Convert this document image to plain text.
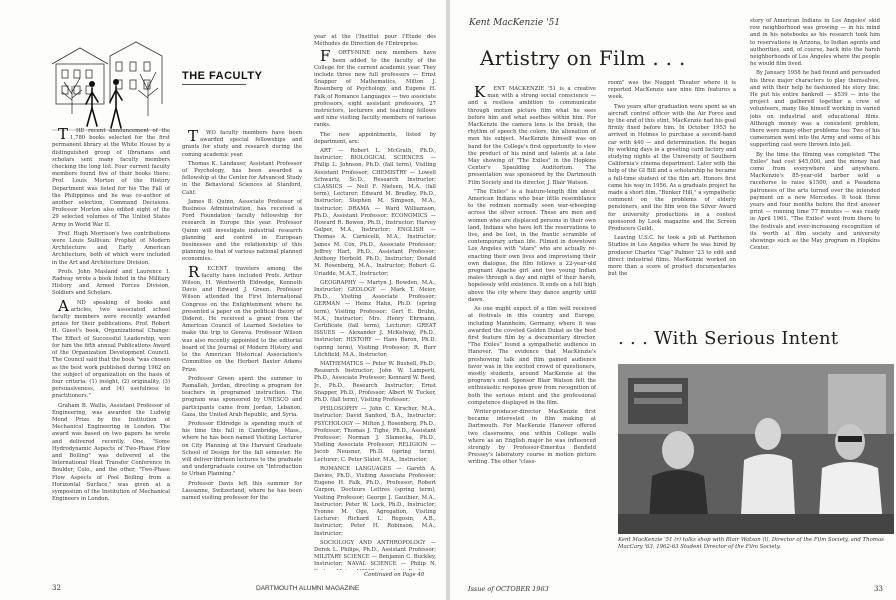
THE FACULTY

T HE recent announcement of the 1,780 books selected for the first permanent library at the White House by a distinguished group of librarians and scholars sent many faculty members checking the long list. Four current faculty members found five of their books there: Prof. Louis Morton of the History Department was listed for his The Fall of the Philippines and he was co-author of another selection, Command Decisions. Professor Morton also edited eight of the 29 selected volumes of The United States Army in World War II.

Prof. Hugh Morrison's two contributions were Louis Sullivan: Prophet of Modern Architecture and Early American Architecture, both of which were included in the Art and Architecture Division.

Profs. John Masland and Laurence I. Radway wrote a book listed in the Military History and Armed Forces Division, Soldiers and Scholars.

A ND speaking of books and articles, two associated school faculty members were recently awarded prizes for their publications. Prof. Robert H. Guest's book, Organizational Change: The Effect of Successful Leadership, won for him the fifth annual Publications Award of the Organization Development Council. The Council said that the book "was chosen as the best work published during 1962 on the subject of organization on the basis of four criteria: (1) insight, (2) originality, (3) persuasiveness, and (4) usefulness to practitioners."

Graham B. Wallis, Assistant Professor of Engineering, was awarded the Ludwig Mond Prize by the Institution of Mechanical Engineering in London. The award was based on two papers he wrote and delivered recently. One, "Some Hydrodynamic Aspects of Two-Phase Flow and Boiling" was delivered at the International Heat Transfer Conference in Boulder, Colo., and the other, "Two-Phase Flow Aspects of Pool Boiling from a Horizontal Surface," was given at a symposium of the Institution of Mechanical Engineers in London.

T WO faculty members have been awarded special fellowships and grants for study and research during the coming academic year.

Thomas K. Landauer, Assistant Professor of Psychology, has been awarded a fellowship at the Center for Advanced Study in the Behavioral Sciences at Stanford, Calif.

James B. Quinn, Associate Professor of Business Administration, has received a Ford Foundation faculty fellowship for research in Europe this year. Professor Quinn will investigate industrial research planning and control in European businesses and the relationship of this planning to that of various national planned economies.

R ECENT travelers among the faculty have included Profs. Arthur Wilson, H. Wentworth Eldredge, Kenneth Davis and Edward J. Green. Professor Wilson attended the First International Congress on the Enlightenment where he presented a paper on the political theory of Diderot. He received a grant from the American Council of Learned Societies to make the trip to Geneva. Professor Wilson was also recently appointed to the editorial board of the Journal of Modern History and to the American Historical Association's Committee on the Herbert Baxter Adams Prize.

Professor Green spent the summer in Ramallah, Jordan, directing a program for teachers in programed instruction. The program was sponsored by UNESCO and participants came from Jordan, Lebanon, Gaza, the United Arab Republic, and Syria.

Professor Eldredge is spending much of his time this fall in Cambridge, Mass., where he has been named Visiting Lecturer on City Planning at the Harvard Graduate School of Design for the fall semester. He will deliver thirteen lectures to the graduate and undergraduate course on "Introduction to Urban Planning."

Professor Davis left this summer for Lausanne, Switzerland, where he has been named visiting professor for the

year at the l'Institut pour l'Etude des Méthodes de Direction de l'Entreprise.

F ORTY-NINE new members have been added to the faculty of the College for the current academic year. They include three new full professors — Ernst Snapper of Mathematics, Milton J. Rosenberg of Psychology, and Eugene H. Falk of Romance Languages — two associate professors, eight assistant professors, 27 instructors, lecturers and teaching fellows and nine visiting faculty members of various ranks.

The new appointments, listed by department, are:

ART — Robert L. McGrath, Ph.D., Instructor; BIOLOGICAL SCIENCES — Philip L. Johnson, Ph.D. (fall term), Visiting Assistant Professor; CHEMISTRY — Lowell Schwartz, Sc.D., Research Instructor; CLASSICS — Neil F. Nielsen, M.A. (fall term), Lecturer; Edward M. Bradley, Ph.D., Instructor; Stephen M. Simpson, M.A., Instructor; DRAMA — Ward Williamson, Ph.D., Assistant Professor; ECONOMICS — Howard R. Bowen, Ph.D., Instructor; Harvey Galper, M.A., Instructor; ENGLISH — Thomas A. Carnicelli, M.A., Instructor; James M. Cox, Ph.D., Associate Professor; Jeffrey Hart, Ph.D., Assistant Professor; Anthony Herbold, Ph.D., Instructor; Donald M. Rosenberg, M.A., Instructor; Robert G. Uriadde, M.A.T., Instructor;

GEOGRAPHY — Martyn J. Bowden, M.A., Instructor; GEOLOGY — Mark T. Meier, Ph.D., Visiting Associate Professor; GERMAN — Heinz Hahn, Ph.D. (spring term), Visiting Professor; Gert E. Bruhn, M.A., Instructor; Mrs. Henry Ehrmann, Certificate (fall term), Lecturer; GREAT ISSUES — Alexander J. McKelway, Ph.D., Instructor; HISTORY — Hans Baron, Ph.D. (spring term), Visiting Professor; R. Burr Litchfield, M.A., Instructor;

MATHEMATICS — Peter W. Bushell, Ph.D., Research Instructor; John W. Lamperti, Ph.D., Associate Professor; Kennard W. Reed, Jr., Ph.D., Research Instructor; Ernst Snapper, Ph.D., Professor; Albert W. Tucker, Ph.D. (fall term), Visiting Professor;

PHILOSOPHY — John C. Kirscher, M.A., Instructor; David Sanford, B.A., Instructor; PSYCHOLOGY — Milton J. Rosenberg, Ph.D., Professor; Thomas J. Tighe, Ph.D., Assistant Professor; Norman J. Slamecka, Ph.D., Visiting Associate Professor; RELIGION — Jacob Neusner, Ph.D. (spring term), Lecturer; C. Peter Slater, M.A., Instructor;

ROMANCE LANGUAGES — Gareth A. Davies, Ph.D., Visiting Associate Professor; Eugene H. Falk, Ph.D., Professor; Robert Gurpon, Docteurs Lettres (spring term), Visiting Professor; George J. Gauthier, M.A., Instructor; Peter W. Lock, Ph.D., Instructor; Yvonne M. Oge, Agregation, Visiting Lecturer; Richard L. Regosin, A.B., Instructor; Peter H. Robinson, M.A., Instructor;

SOCIOLOGY AND ANTHROPOLOGY — Derek L. Philips, Ph.D., Assistant Professor; MILITARY SCIENCE — Benjamin C. Buckley, Instructor; NAVAL SCIENCE — Philip N.

Continued on Page 40
32	DARTMOUTH ALUMNI MAGAZINE
Kent MacKenzie '51
Artistry on Film . . .

K ENT MACKENZIE '51 is a creative man with a strong social conscience — and a restless ambition to communicate through motion picture film what he sees before him and what seethes within him. For MacKenzie the camera lens is the brush, the rhythm of speech the colors, the alienation of men his subject. MacKenzie himself was on hand for the College's first opportunity to view the product of his mind and talents at a late May showing of "The Exiles" in the Hopkins Center's Spaulding Auditorium. The presentation was sponsored by the Dartmouth Film Society and its director, J. Blair Watson.

"The Exiles" is a feature-length film about American Indians who bear little resemblance to the redmen normally seen war-whooping across the silver screen. These are men and women who are displaced persons in their own land, Indians who have left the reservations to live, and be lost, in the frantic scramble of contemporary urban life. Filmed in downtown Los Angeles with "stars" who are actually re-enacting their own lives and improvising their own dialogue, the film follows a 22-year-old pregnant Apache girl and two young Indian males through a day and night of their harsh, hopelessly wild existence. It ends on a hill high above the city where they dance angrily until dawn.

As one might expect of a film well received at festivals in this country and Europe, including Mannheim, Germany, where it was awarded the coveted Golden Dukat as the best first feature film by a documentary director, "The Exiles" found a sympathetic audience in Hanover. The evidence that MacKenzie's preshowing talk and film gained audience favor was in the excited crowd of questioners, mostly students, around MacKenzie at the program's end. Sponsor Blair Watson felt the enthusiastic response grew from recognition of both the serious intent and the professional competence displayed in the film.

Writer-producer-director MacKenzie first became interested in film making at Dartmouth. For MacKenzie Hanover offered two classrooms, one within College walls where as an English major he was influenced strongly by Professor-Emeritus Benfield Pressey's laboratory course in motion picture writing. The other "class-

room" was the Nugget Theater where it is reported MacKenzie saw nine film features a week.

Two years after graduation were spent as an aircraft control officer with the Air Force and by the end of this stint, MacKenzie had his goal firmly fixed before him. In October 1953 he arrived in Holmes to purchase a second-hand car with $40 — and determination. He began by working days in a greeting card factory and studying nights at the University of Southern California's cinema department. Later with the help of the GI Bill and a scholarship he became a full-time student of the film art. Honors first came his way in 1956. As a graduate project he made a short film, "Bunker Hill," a sympathetic comment on the problems of elderly pensioners, and the film won the Silver Award for university productions in a contest sponsored by Look magazine and the Screen Producers Guild.

Leaving U.S.C. he took a job at Parthenon Studios in Los Angeles where he was hired by producer Charles "Cap" Palmer '23 to edit and direct industrial films. MacKenzie worked on more than a score of product documentaries but the

story of American Indians in Los Angeles' skid row neighborhood was growing — in his mind and in his notebooks as his research took him to reservations in Arizona, to Indian agents and authorities, and, of course, back into the harsh neighborhoods of Los Angeles where the people he would film lived.

By January 1958 he had found and persuaded his three major characters to play themselves, and with their help he fashioned his story line. He put his entire bankroll — $539 — into the project and gathered together a crew of volunteers, many like himself working in varied jobs on industrial and educational films. Although money was a consistent problem, there were many other problems too: Two of his cameramen went into the Army and some of his supporting cast were thrown into jail.

By the time the filming was completed "The Exiles" had cost $45,000, and the money had come from everywhere and anywhere. MacKenzie's 85-year-old barber sold a racehorse to raise $1500, and a Pasadena patronees of the arts turned over the intended payment on a new Mercedes. It took three years and four months before the first answer print — running time 77 minutes — was ready in April 1961. "The Exiles" went from there to the festivals and ever-increasing recognition of its worth at film society and university showings such as the May program in Hopkins Center.

. . . With Serious Intent
Kent MacKenzie '51 (r) talks shop with Blair Watson (l), Director of the Film Society, and Thomas MacCary '63, 1962-63 Student Director of the Film Society.
Issue of OCTOBER 1963	33
